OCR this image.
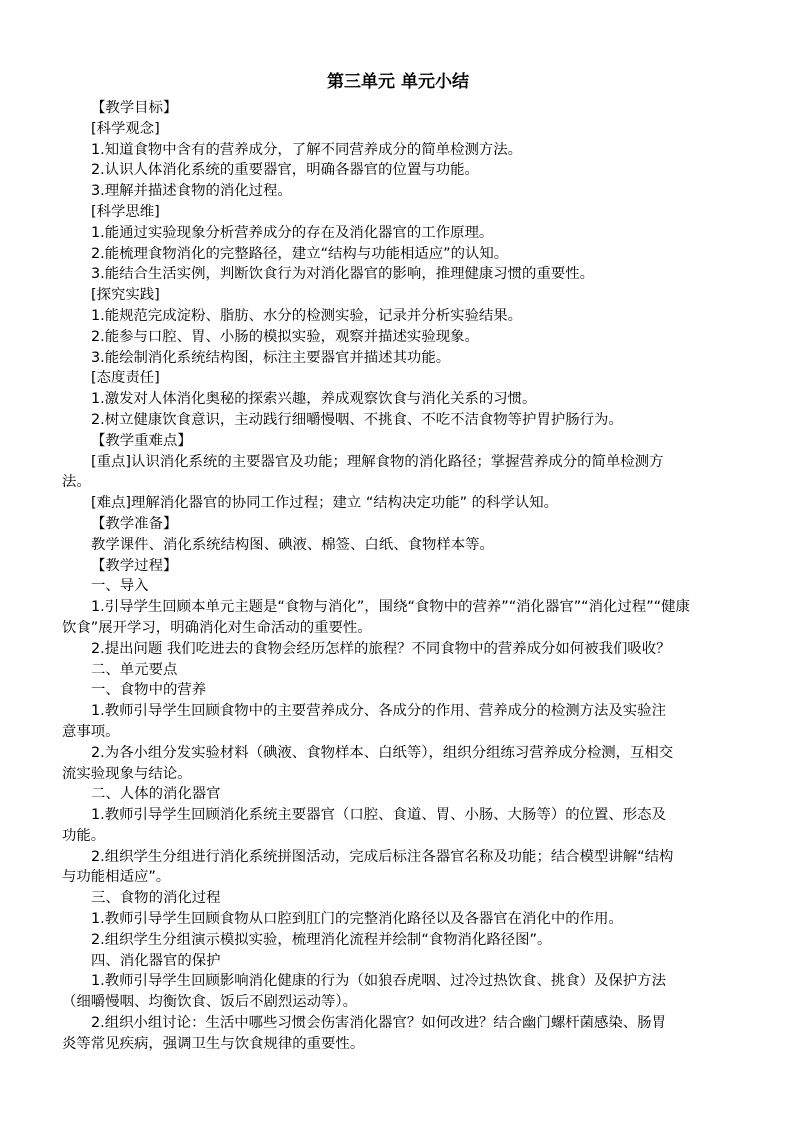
第三单元 单元小结
【教学目标】
[科学观念]
1.知道食物中含有的营养成分，了解不同营养成分的简单检测方法。
2.认识人体消化系统的重要器官，明确各器官的位置与功能。
3.理解并描述食物的消化过程。
[科学思维]
1.能通过实验现象分析营养成分的存在及消化器官的工作原理。
2.能梳理食物消化的完整路径，建立“结构与功能相适应”的认知。
3.能结合生活实例，判断饮食行为对消化器官的影响，推理健康习惯的重要性。
[探究实践]
1.能规范完成淀粉、脂肪、水分的检测实验，记录并分析实验结果。
2.能参与口腔、胃、小肠的模拟实验，观察并描述实验现象。
3.能绘制消化系统结构图，标注主要器官并描述其功能。
[态度责任]
1.激发对人体消化奥秘的探索兴趣，养成观察饮食与消化关系的习惯。
2.树立健康饮食意识，主动践行细嚼慢咽、不挑食、不吃不洁食物等护胃护肠行为。
【教学重难点】
[重点]认识消化系统的主要器官及功能；理解食物的消化路径；掌握营养成分的简单检测方
法。
[难点]理解消化器官的协同工作过程；建立 “结构决定功能” 的科学认知。
【教学准备】
教学课件、消化系统结构图、碘液、棉签、白纸、食物样本等。
【教学过程】
一、导入
1.引导学生回顾本单元主题是“食物与消化”，围绕“食物中的营养”“消化器官”“消化过程”“健康
饮食”展开学习，明确消化对生命活动的重要性。
2.提出问题 我们吃进去的食物会经历怎样的旅程？不同食物中的营养成分如何被我们吸收？
二、单元要点
一、食物中的营养
1.教师引导学生回顾食物中的主要营养成分、各成分的作用、营养成分的检测方法及实验注
意事项。
2.为各小组分发实验材料（碘液、食物样本、白纸等），组织分组练习营养成分检测，互相交
流实验现象与结论。
二、人体的消化器官
1.教师引导学生回顾消化系统主要器官（口腔、食道、胃、小肠、大肠等）的位置、形态及
功能。
2.组织学生分组进行消化系统拼图活动，完成后标注各器官名称及功能；结合模型讲解“结构
与功能相适应”。
三、食物的消化过程
1.教师引导学生回顾食物从口腔到肛门的完整消化路径以及各器官在消化中的作用。
2.组织学生分组演示模拟实验，梳理消化流程并绘制“食物消化路径图”。
四、消化器官的保护
1.教师引导学生回顾影响消化健康的行为（如狼吞虎咽、过冷过热饮食、挑食）及保护方法
（细嚼慢咽、均衡饮食、饭后不剧烈运动等）。
2.组织小组讨论：生活中哪些习惯会伤害消化器官？如何改进？结合幽门螺杆菌感染、肠胃
炎等常见疾病，强调卫生与饮食规律的重要性。
